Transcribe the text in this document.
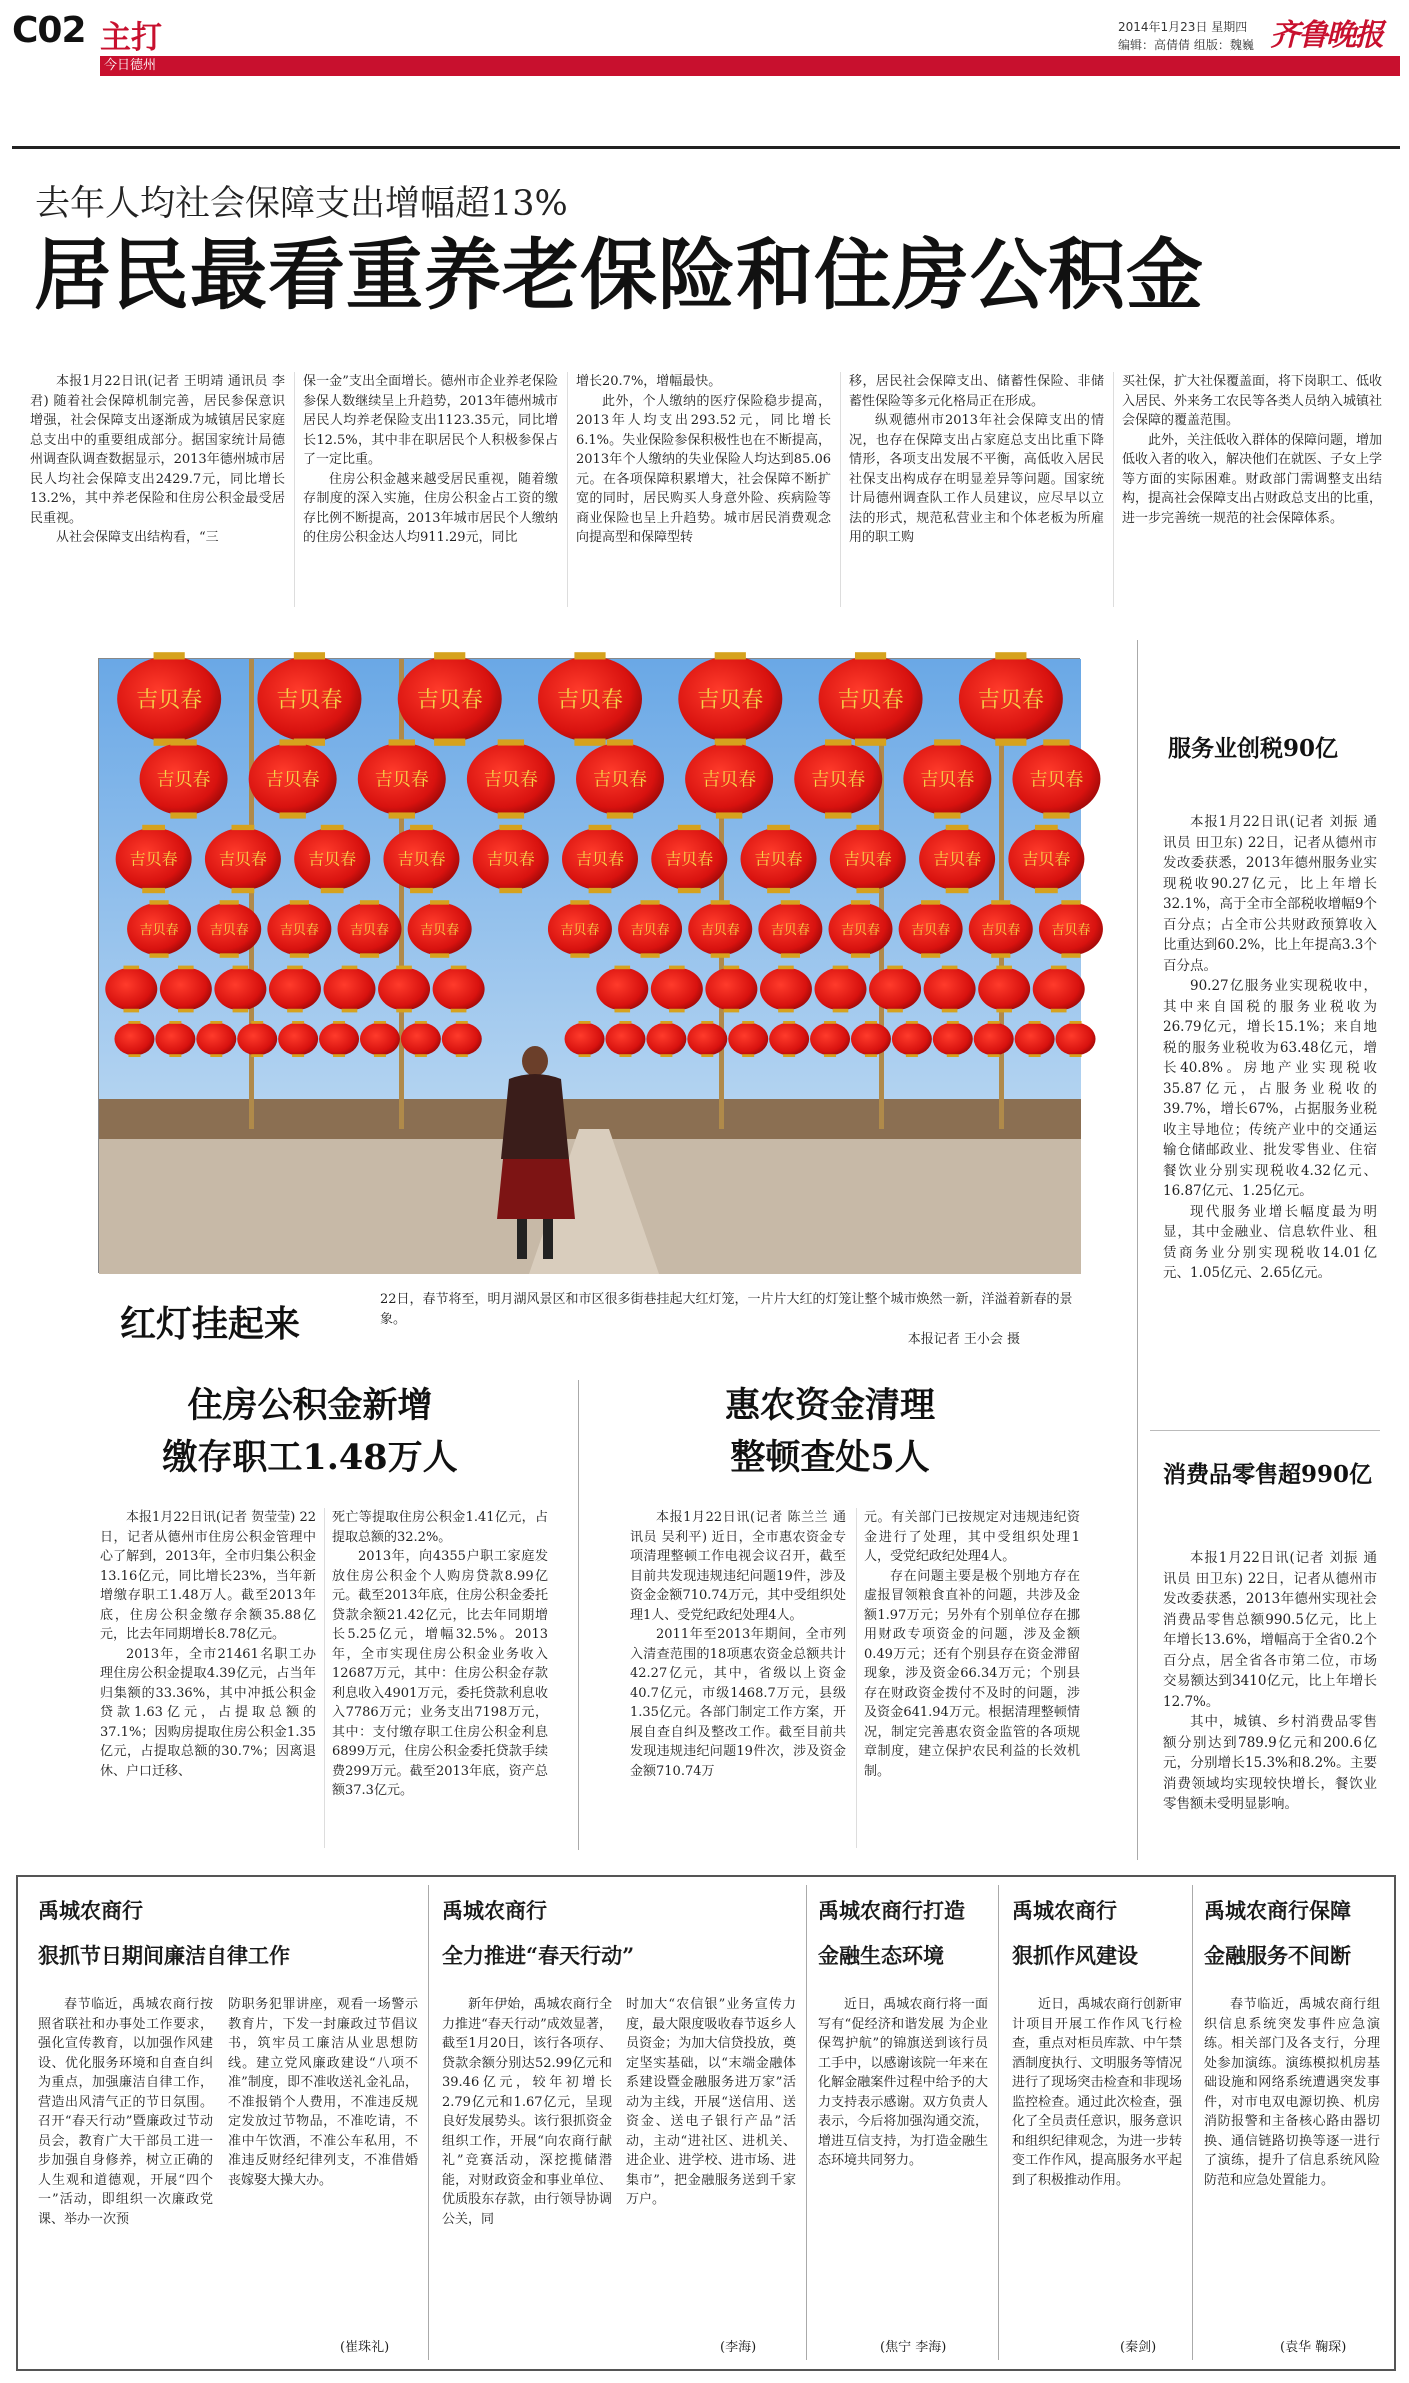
C02 主打
今日德州
2014年1月23日 星期四
编辑：高倩倩 组版：魏巍 齐鲁晚报
去年人均社会保障支出增幅超13%
居民最看重养老保险和住房公积金

本报1月22日讯(记者 王明靖 通讯员 李君) 随着社会保障机制完善，居民参保意识增强，社会保障支出逐渐成为城镇居民家庭总支出中的重要组成部分。据国家统计局德州调查队调查数据显示，2013年德州城市居民人均社会保障支出2429.7元，同比增长13.2%，其中养老保险和住房公积金最受居民重视。

从社会保障支出结构看，“三

保一金”支出全面增长。德州市企业养老保险参保人数继续呈上升趋势，2013年德州城市居民人均养老保险支出1123.35元，同比增长12.5%，其中非在职居民个人积极参保占了一定比重。

住房公积金越来越受居民重视，随着缴存制度的深入实施，住房公积金占工资的缴存比例不断提高，2013年城市居民个人缴纳的住房公积金达人均911.29元，同比

增长20.7%，增幅最快。

此外，个人缴纳的医疗保险稳步提高，2013年人均支出293.52元，同比增长6.1%。失业保险参保积极性也在不断提高，2013年个人缴纳的失业保险人均达到85.06元。在各项保障积累增大，社会保障不断扩宽的同时，居民购买人身意外险、疾病险等商业保险也呈上升趋势。城市居民消费观念向提高型和保障型转

移，居民社会保障支出、储蓄性保险、非储蓄性保险等多元化格局正在形成。

纵观德州市2013年社会保障支出的情况，也存在保障支出占家庭总支出比重下降情形，各项支出发展不平衡，高低收入居民社保支出构成存在明显差异等问题。国家统计局德州调查队工作人员建议，应尽早以立法的形式，规范私营业主和个体老板为所雇用的职工购

买社保，扩大社保覆盖面，将下岗职工、低收入居民、外来务工农民等各类人员纳入城镇社会保障的覆盖范围。

此外，关注低收入群体的保障问题，增加低收入者的收入，解决他们在就医、子女上学等方面的实际困难。财政部门需调整支出结构，提高社会保障支出占财政总支出的比重，进一步完善统一规范的社会保障体系。

吉贝春	吉贝春	吉贝春	吉贝春	吉贝春	吉贝春	吉贝春
吉贝春	吉贝春	吉贝春	吉贝春	吉贝春	吉贝春	吉贝春	吉贝春	吉贝春
吉贝春	吉贝春	吉贝春	吉贝春	吉贝春	吉贝春	吉贝春	吉贝春	吉贝春	吉贝春	吉贝春
吉贝春 吉贝春 吉贝春 吉贝春 吉贝春	吉贝春 吉贝春 吉贝春 吉贝春 吉贝春 吉贝春 吉贝春 吉贝春
红灯挂起来
22日，春节将至，明月湖风景区和市区很多街巷挂起大红灯笼，一片片大红的灯笼让整个城市焕然一新，洋溢着新春的景象。
本报记者 王小会 摄
服务业创税90亿

本报1月22日讯(记者 刘振 通讯员 田卫东) 22日，记者从德州市发改委获悉，2013年德州服务业实现税收90.27亿元，比上年增长32.1%，高于全市全部税收增幅9个百分点；占全市公共财政预算收入比重达到60.2%，比上年提高3.3个百分点。

90.27亿服务业实现税收中，其中来自国税的服务业税收为26.79亿元，增长15.1%；来自地税的服务业税收为63.48亿元，增长40.8%。房地产业实现税收35.87亿元，占服务业税收的39.7%，增长67%，占据服务业税收主导地位；传统产业中的交通运输仓储邮政业、批发零售业、住宿餐饮业分别实现税收4.32亿元、16.87亿元、1.25亿元。

现代服务业增长幅度最为明显，其中金融业、信息软件业、租赁商务业分别实现税收14.01亿元、1.05亿元、2.65亿元。

消费品零售超990亿

本报1月22日讯(记者 刘振 通讯员 田卫东) 22日，记者从德州市发改委获悉，2013年德州实现社会消费品零售总额990.5亿元，比上年增长13.6%，增幅高于全省0.2个百分点，居全省各市第二位，市场交易额达到3410亿元，比上年增长12.7%。

其中，城镇、乡村消费品零售额分别达到789.9亿元和200.6亿元，分别增长15.3%和8.2%。主要消费领域均实现较快增长，餐饮业零售额未受明显影响。

住房公积金新增
缴存职工1.48万人

本报1月22日讯(记者 贺莹莹) 22日，记者从德州市住房公积金管理中心了解到，2013年，全市归集公积金13.16亿元，同比增长23%，当年新增缴存职工1.48万人。截至2013年底，住房公积金缴存余额35.88亿元，比去年同期增长8.78亿元。

2013年，全市21461名职工办理住房公积金提取4.39亿元，占当年归集额的33.36%，其中冲抵公积金贷款1.63亿元，占提取总额的37.1%；因购房提取住房公积金1.35亿元，占提取总额的30.7%；因离退休、户口迁移、

死亡等提取住房公积金1.41亿元，占提取总额的32.2%。

2013年，向4355户职工家庭发放住房公积金个人购房贷款8.99亿元。截至2013年底，住房公积金委托贷款余额21.42亿元，比去年同期增长5.25亿元，增幅32.5%。2013年，全市实现住房公积金业务收入12687万元，其中：住房公积金存款利息收入4901万元，委托贷款利息收入7786万元；业务支出7198万元，其中：支付缴存职工住房公积金利息6899万元，住房公积金委托贷款手续费299万元。截至2013年底，资产总额37.3亿元。

惠农资金清理
整顿查处5人

本报1月22日讯(记者 陈兰兰 通讯员 吴利平) 近日，全市惠农资金专项清理整顿工作电视会议召开，截至目前共发现违规违纪问题19件，涉及资金金额710.74万元，其中受组织处理1人、受党纪政纪处理4人。

2011年至2013年期间，全市列入清查范围的18项惠农资金总额共计42.27亿元，其中，省级以上资金40.7亿元，市级1468.7万元，县级1.35亿元。各部门制定工作方案，开展自查自纠及整改工作。截至目前共发现违规违纪问题19件次，涉及资金金额710.74万

元。有关部门已按规定对违规违纪资金进行了处理，其中受组织处理1人，受党纪政纪处理4人。

存在问题主要是极个别地方存在虚报冒领粮食直补的问题，共涉及金额1.97万元；另外有个别单位存在挪用财政专项资金的问题，涉及金额0.49万元；还有个别县存在资金滞留现象，涉及资金66.34万元；个别县存在财政资金拨付不及时的问题，涉及资金641.94万元。根据清理整顿情况，制定完善惠农资金监管的各项规章制度，建立保护农民利益的长效机制。

禹城农商行
狠抓节日期间廉洁自律工作
春节临近，禹城农商行按照省联社和办事处工作要求，强化宣传教育，以加强作风建设、优化服务环境和自查自纠为重点，加强廉洁自律工作，营造出风清气正的节日氛围。召开“春天行动”暨廉政过节动员会，教育广大干部员工进一步加强自身修养，树立正确的人生观和道德观，开展“四个一”活动，即组织一次廉政党课、举办一次预
防职务犯罪讲座，观看一场警示教育片，下发一封廉政过节倡议书，筑牢员工廉洁从业思想防线。建立党风廉政建设“八项不准”制度，即不准收送礼金礼品，不准报销个人费用，不准违反规定发放过节物品，不准吃请，不准中午饮酒，不准公车私用，不准违反财经纪律列支，不准借婚丧嫁娶大操大办。
(崔珠礼)
禹城农商行
全力推进“春天行动”
新年伊始，禹城农商行全力推进“春天行动”成效显著，截至1月20日，该行各项存、贷款余额分别达52.99亿元和39.46亿元，较年初增长2.79亿元和1.67亿元，呈现良好发展势头。该行狠抓资金组织工作，开展“向农商行献礼”竞赛活动，深挖揽储潜能，对财政资金和事业单位、优质股东存款，由行领导协调公关，同
时加大“农信银”业务宣传力度，最大限度吸收春节返乡人员资金；为加大信贷投放，奠定坚实基础，以“末端金融体系建设暨金融服务进万家”活动为主线，开展“送信用、送资金、送电子银行产品”活动，主动“进社区、进机关、进企业、进学校、进市场、进集市”，把金融服务送到千家万户。
(李海)
禹城农商行打造
金融生态环境
近日，禹城农商行将一面写有“促经济和谐发展 为企业保驾护航”的锦旗送到该行员工手中，以感谢该院一年来在化解金融案件过程中给予的大力支持表示感谢。双方负责人表示，今后将加强沟通交流，增进互信支持，为打造金融生态环境共同努力。
(焦宁 李海)
禹城农商行
狠抓作风建设
近日，禹城农商行创新审计项目开展工作作风飞行检查，重点对柜员库款、中午禁酒制度执行、文明服务等情况进行了现场突击检查和非现场监控检查。通过此次检查，强化了全员责任意识，服务意识和组织纪律观念，为进一步转变工作作风，提高服务水平起到了积极推动作用。
(秦剑)
禹城农商行保障
金融服务不间断
春节临近，禹城农商行组织信息系统突发事件应急演练。相关部门及各支行，分理处参加演练。演练模拟机房基础设施和网络系统遭遇突发事件，对市电双电源切换、机房消防报警和主备核心路由器切换、通信链路切换等逐一进行了演练，提升了信息系统风险防范和应急处置能力。
(袁华 鞠琛)
